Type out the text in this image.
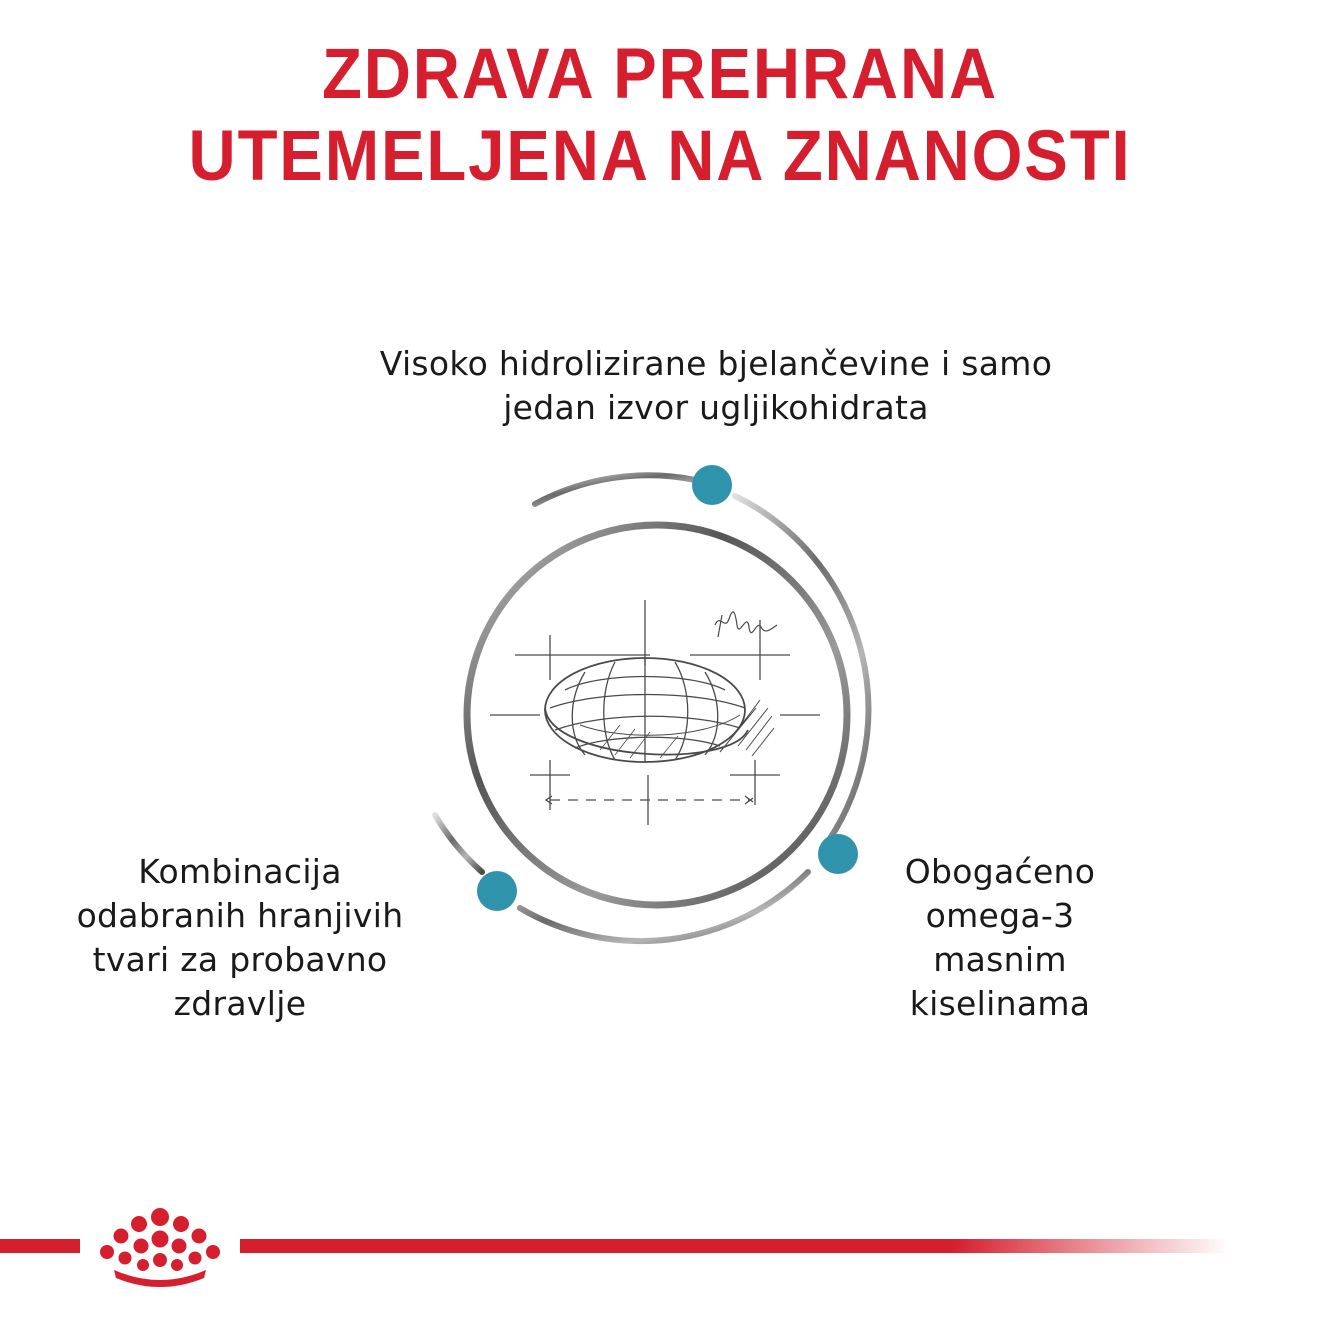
ZDRAVA PREHRANA
UTEMELJENA NA ZNANOSTI
Visoko hidrolizirane bjelančevine i samo
jedan izvor ugljikohidrata
Kombinacija
odabranih hranjivih
tvari za probavno
zdravlje
Obogaćeno
omega-3
masnim
kiselinama
